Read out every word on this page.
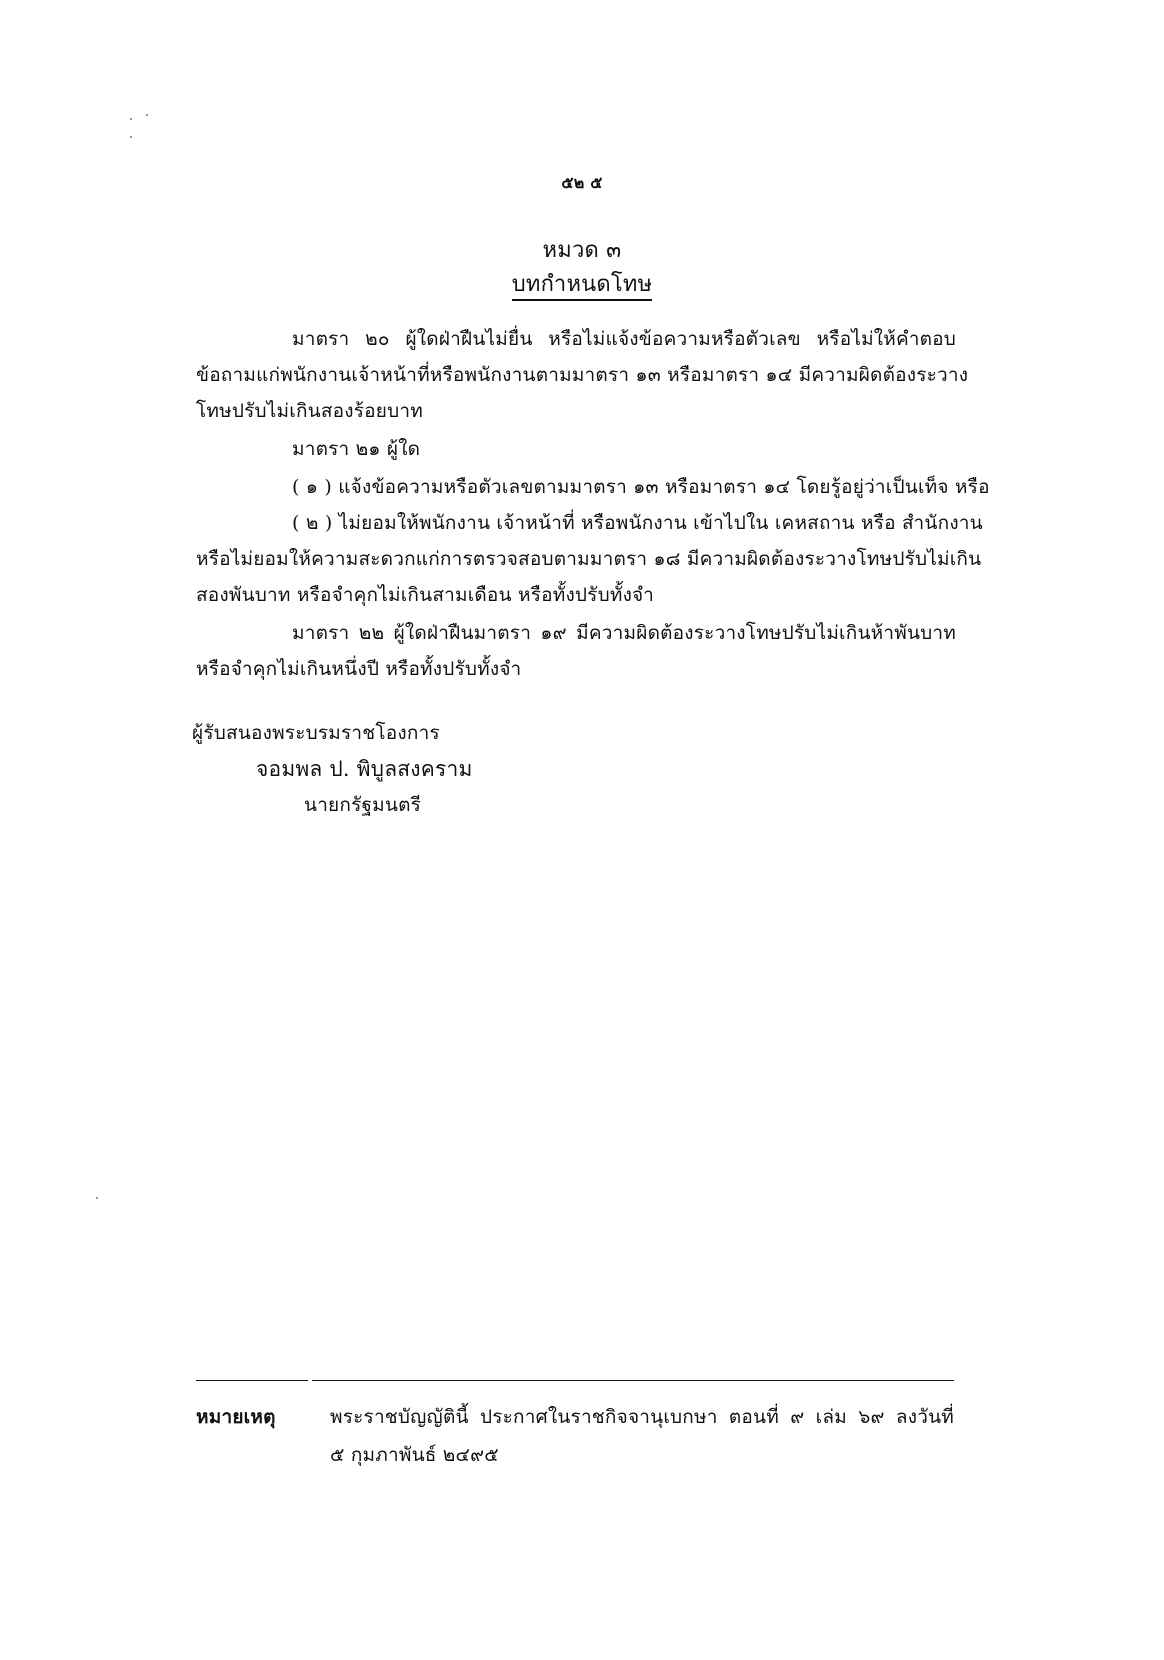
๕๒ ๕
หมวด ๓
บทกำหนดโทษ
มาตรา ๒๐ ผู้ใดฝ่าฝืนไม่ยื่น หรือไม่แจ้งข้อความหรือตัวเลข หรือไม่ให้คำตอบ
ข้อถามแก่พนักงานเจ้าหน้าที่หรือพนักงานตามมาตรา ๑๓ หรือมาตรา ๑๔ มีความผิดต้องระวาง
โทษปรับไม่เกินสองร้อยบาท
มาตรา ๒๑ ผู้ใด
( ๑ ) แจ้งข้อความหรือตัวเลขตามมาตรา ๑๓ หรือมาตรา ๑๔ โดยรู้อยู่ว่าเป็นเท็จ หรือ
( ๒ ) ไม่ยอมให้พนักงาน เจ้าหน้าที่ หรือพนักงาน เข้าไปใน เคหสถาน หรือ สำนักงาน
หรือไม่ยอมให้ความสะดวกแก่การตรวจสอบตามมาตรา ๑๘ มีความผิดต้องระวางโทษปรับไม่เกิน
สองพันบาท หรือจำคุกไม่เกินสามเดือน หรือทั้งปรับทั้งจำ
มาตรา ๒๒ ผู้ใดฝ่าฝืนมาตรา ๑๙ มีความผิดต้องระวางโทษปรับไม่เกินห้าพันบาท
หรือจำคุกไม่เกินหนึ่งปี หรือทั้งปรับทั้งจำ
ผู้รับสนองพระบรมราชโองการ
จอมพล ป. พิบูลสงคราม
นายกรัฐมนตรี
หมายเหตุ	พระราชบัญญัตินี้ ประกาศในราชกิจจานุเบกษา ตอนที่ ๙ เล่ม ๖๙ ลงวันที่
๕ กุมภาพันธ์ ๒๔๙๕
